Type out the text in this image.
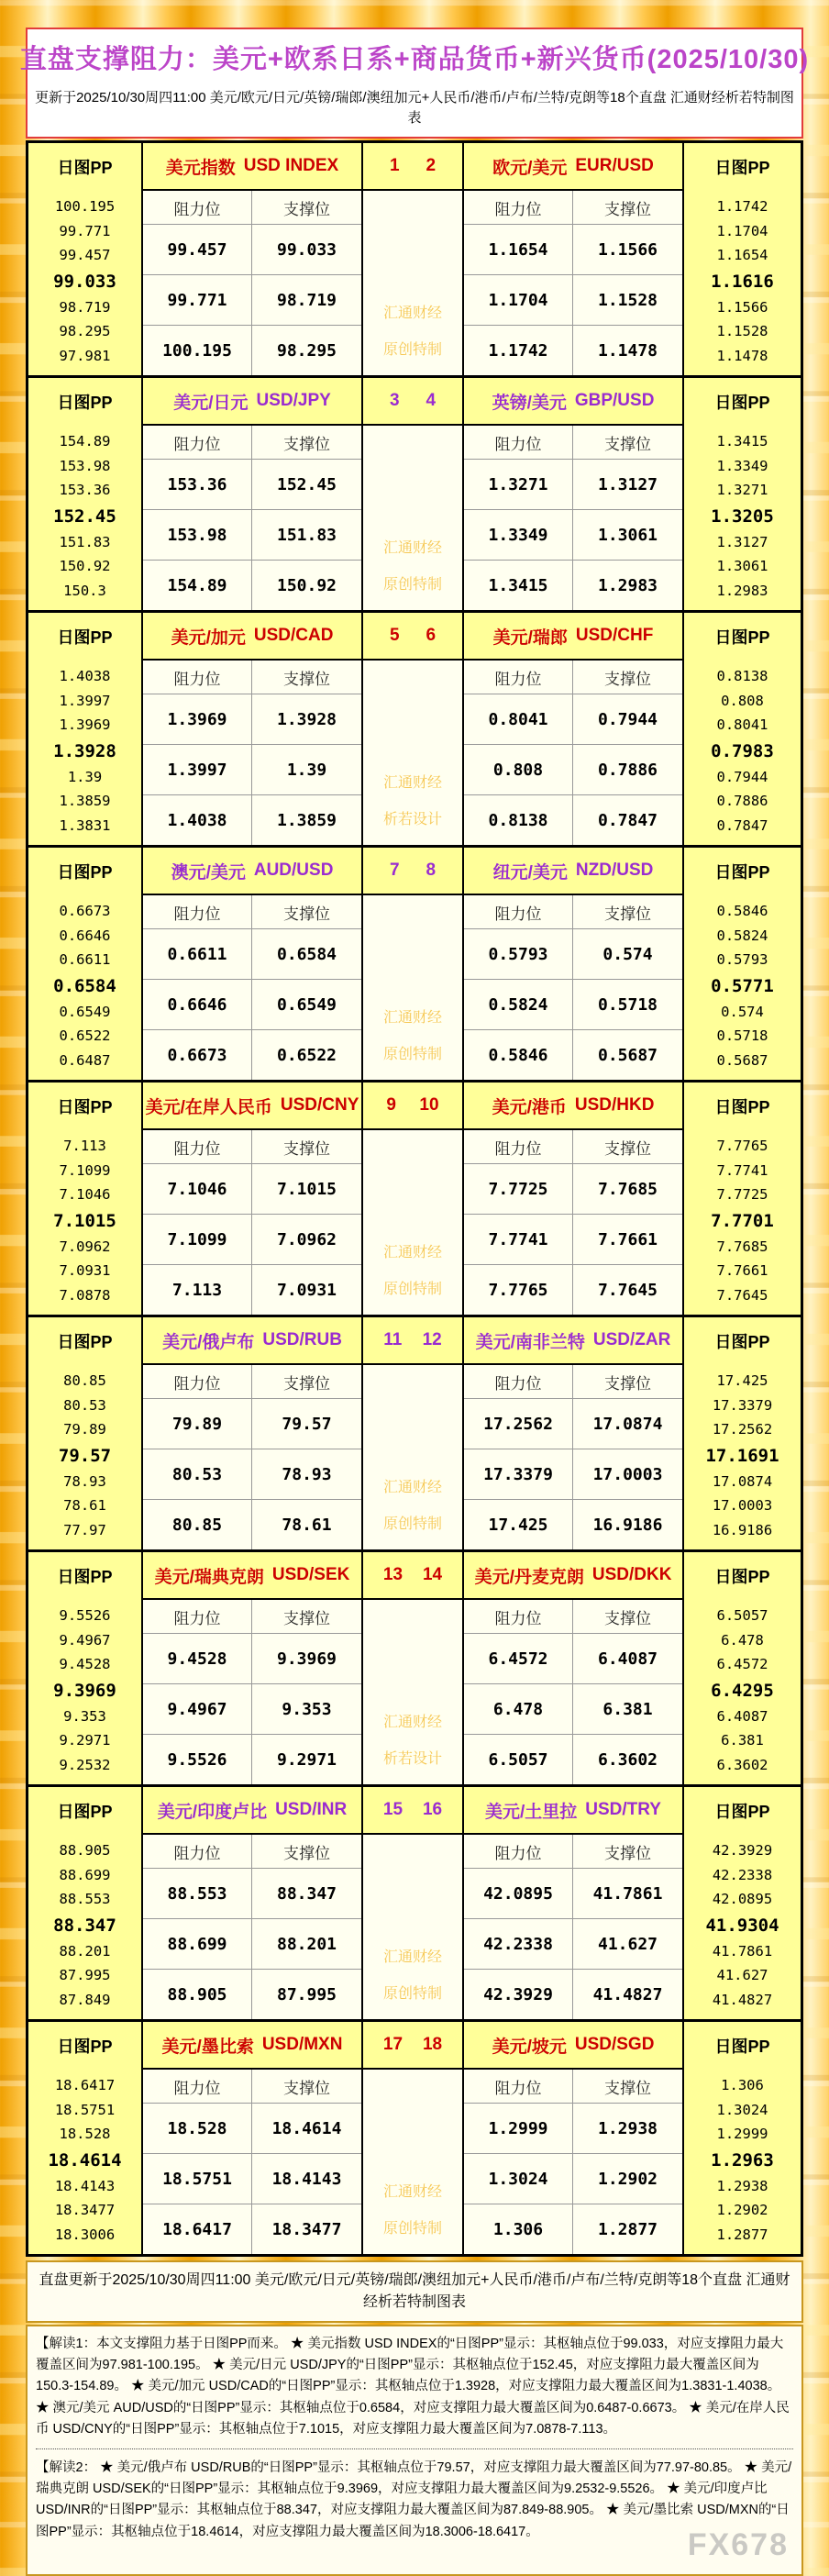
直盘支撑阻力：美元+欧系日系+商品货币+新兴货币(2025/10/30)
更新于2025/10/30周四11:00 美元/欧元/日元/英镑/瑞郎/澳纽加元+人民币/港币/卢布/兰特/克朗等18个直盘 汇通财经析若特制图表
日图PP
100.195
99.771
99.457
99.033
98.719
98.295
97.981
美元指数 USD INDEX
阻力位	支撑位
99.457	99.033
99.771	98.719
100.195	98.295
1 2
汇通财经
原创特制
欧元/美元 EUR/USD
阻力位	支撑位
1.1654	1.1566
1.1704	1.1528
1.1742	1.1478
日图PP
1.1742
1.1704
1.1654
1.1616
1.1566
1.1528
1.1478
日图PP
154.89
153.98
153.36
152.45
151.83
150.92
150.3
美元/日元 USD/JPY
阻力位	支撑位
153.36	152.45
153.98	151.83
154.89	150.92
3 4
汇通财经
原创特制
英镑/美元 GBP/USD
阻力位	支撑位
1.3271	1.3127
1.3349	1.3061
1.3415	1.2983
日图PP
1.3415
1.3349
1.3271
1.3205
1.3127
1.3061
1.2983
日图PP
1.4038
1.3997
1.3969
1.3928
1.39
1.3859
1.3831
美元/加元 USD/CAD
阻力位	支撑位
1.3969	1.3928
1.3997	1.39
1.4038	1.3859
5 6
汇通财经
析若设计
美元/瑞郎 USD/CHF
阻力位	支撑位
0.8041	0.7944
0.808	0.7886
0.8138	0.7847
日图PP
0.8138
0.808
0.8041
0.7983
0.7944
0.7886
0.7847
日图PP
0.6673
0.6646
0.6611
0.6584
0.6549
0.6522
0.6487
澳元/美元 AUD/USD
阻力位	支撑位
0.6611	0.6584
0.6646	0.6549
0.6673	0.6522
7 8
汇通财经
原创特制
纽元/美元 NZD/USD
阻力位	支撑位
0.5793	0.574
0.5824	0.5718
0.5846	0.5687
日图PP
0.5846
0.5824
0.5793
0.5771
0.574
0.5718
0.5687
日图PP
7.113
7.1099
7.1046
7.1015
7.0962
7.0931
7.0878
美元/在岸人民币 USD/CNY
阻力位	支撑位
7.1046	7.1015
7.1099	7.0962
7.113	7.0931
9 10
汇通财经
原创特制
美元/港币 USD/HKD
阻力位	支撑位
7.7725	7.7685
7.7741	7.7661
7.7765	7.7645
日图PP
7.7765
7.7741
7.7725
7.7701
7.7685
7.7661
7.7645
日图PP
80.85
80.53
79.89
79.57
78.93
78.61
77.97
美元/俄卢布 USD/RUB
阻力位	支撑位
79.89	79.57
80.53	78.93
80.85	78.61
11 12
汇通财经
原创特制
美元/南非兰特 USD/ZAR
阻力位	支撑位
17.2562	17.0874
17.3379	17.0003
17.425	16.9186
日图PP
17.425
17.3379
17.2562
17.1691
17.0874
17.0003
16.9186
日图PP
9.5526
9.4967
9.4528
9.3969
9.353
9.2971
9.2532
美元/瑞典克朗 USD/SEK
阻力位	支撑位
9.4528	9.3969
9.4967	9.353
9.5526	9.2971
13 14
汇通财经
析若设计
美元/丹麦克朗 USD/DKK
阻力位	支撑位
6.4572	6.4087
6.478	6.381
6.5057	6.3602
日图PP
6.5057
6.478
6.4572
6.4295
6.4087
6.381
6.3602
日图PP
88.905
88.699
88.553
88.347
88.201
87.995
87.849
美元/印度卢比 USD/INR
阻力位	支撑位
88.553	88.347
88.699	88.201
88.905	87.995
15 16
汇通财经
原创特制
美元/土里拉 USD/TRY
阻力位	支撑位
42.0895	41.7861
42.2338	41.627
42.3929	41.4827
日图PP
42.3929
42.2338
42.0895
41.9304
41.7861
41.627
41.4827
日图PP
18.6417
18.5751
18.528
18.4614
18.4143
18.3477
18.3006
美元/墨比索 USD/MXN
阻力位	支撑位
18.528	18.4614
18.5751	18.4143
18.6417	18.3477
17 18
汇通财经
原创特制
美元/坡元 USD/SGD
阻力位	支撑位
1.2999	1.2938
1.3024	1.2902
1.306	1.2877
日图PP
1.306
1.3024
1.2999
1.2963
1.2938
1.2902
1.2877
直盘更新于2025/10/30周四11:00 美元/欧元/日元/英镑/瑞郎/澳纽加元+人民币/港币/卢布/兰特/克朗等18个直盘 汇通财经析若特制图表
【解读1：本文支撑阻力基于日图PP而来。 ★ 美元指数 USD INDEX的“日图PP”显示：其枢轴点位于99.033，对应支撑阻力最大覆盖区间为97.981-100.195。 ★ 美元/日元 USD/JPY的“日图PP”显示：其枢轴点位于152.45，对应支撑阻力最大覆盖区间为150.3-154.89。 ★ 美元/加元 USD/CAD的“日图PP”显示：其枢轴点位于1.3928，对应支撑阻力最大覆盖区间为1.3831-1.4038。 ★ 澳元/美元 AUD/USD的“日图PP”显示：其枢轴点位于0.6584，对应支撑阻力最大覆盖区间为0.6487-0.6673。 ★ 美元/在岸人民币 USD/CNY的“日图PP”显示：其枢轴点位于7.1015，对应支撑阻力最大覆盖区间为7.0878-7.113。
【解读2： ★ 美元/俄卢布 USD/RUB的“日图PP”显示：其枢轴点位于79.57，对应支撑阻力最大覆盖区间为77.97-80.85。 ★ 美元/瑞典克朗 USD/SEK的“日图PP”显示：其枢轴点位于9.3969，对应支撑阻力最大覆盖区间为9.2532-9.5526。 ★ 美元/印度卢比 USD/INR的“日图PP”显示：其枢轴点位于88.347，对应支撑阻力最大覆盖区间为87.849-88.905。 ★ 美元/墨比索 USD/MXN的“日图PP”显示：其枢轴点位于18.4614，对应支撑阻力最大覆盖区间为18.3006-18.6417。	FX678
